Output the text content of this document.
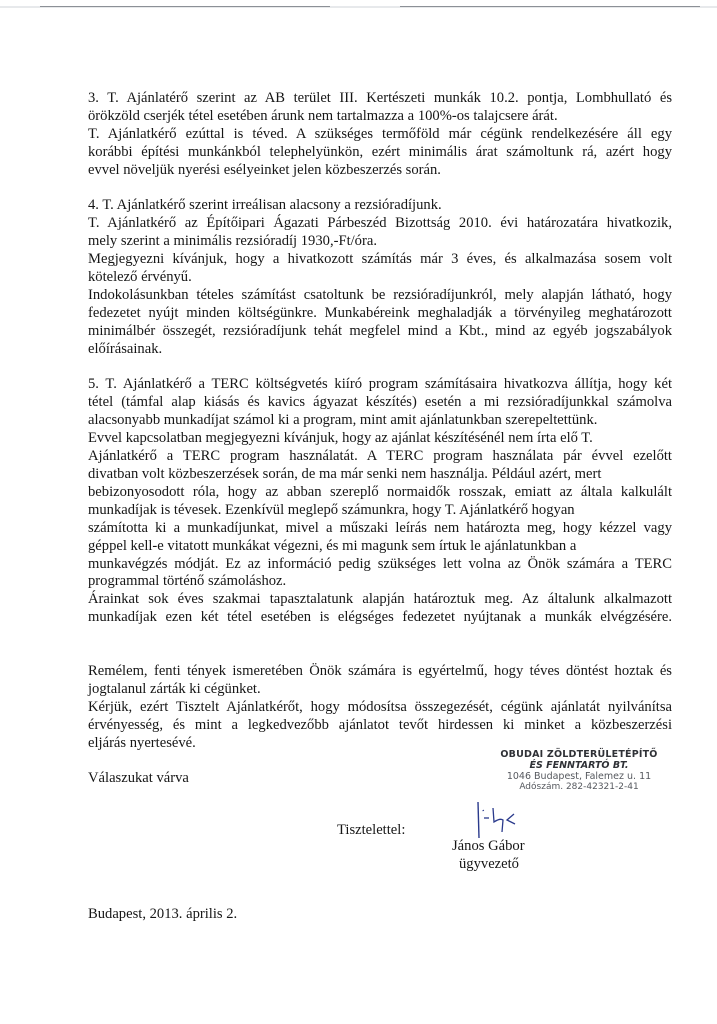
3. T. Ajánlatérő szerint az AB terület III. Kertészeti munkák 10.2. pontja, Lombhullató és
örökzöld cserjék tétel esetében árunk nem tartalmazza a 100%-os talajcsere árát.
T. Ajánlatkérő ezúttal is téved. A szükséges termőföld már cégünk rendelkezésére áll egy
korábbi építési munkánkból telephelyünkön, ezért minimális árat számoltunk rá, azért hogy
evvel növeljük nyerési esélyeinket jelen közbeszerzés során.
4. T. Ajánlatkérő szerint irreálisan alacsony a rezsióradíjunk.
T. Ajánlatkérő az Építőipari Ágazati Párbeszéd Bizottság 2010. évi határozatára hivatkozik,
mely szerint a minimális rezsióradíj 1930,-Ft/óra.
Megjegyezni kívánjuk, hogy a hivatkozott számítás már 3 éves, és alkalmazása sosem volt
kötelező érvényű.
Indokolásunkban tételes számítást csatoltunk be rezsióradíjunkról, mely alapján látható, hogy
fedezetet nyújt minden költségünkre. Munkabéreink meghaladják a törvényileg meghatározott
minimálbér összegét, rezsióradíjunk tehát megfelel mind a Kbt., mind az egyéb jogszabályok
előírásainak.
5. T. Ajánlatkérő a TERC költségvetés kiíró program számításaira hivatkozva állítja, hogy két
tétel (támfal alap kiásás és kavics ágyazat készítés) esetén a mi rezsióradíjunkkal számolva
alacsonyabb munkadíjat számol ki a program, mint amit ajánlatunkban szerepeltettünk.
Evvel kapcsolatban megjegyezni kívánjuk, hogy az ajánlat készítésénél nem írta elő T.
Ajánlatkérő a TERC program használatát. A TERC program használata pár évvel ezelőtt
divatban volt közbeszerzések során, de ma már senki nem használja. Például azért, mert
bebizonyosodott róla, hogy az abban szereplő normaidők rosszak, emiatt az általa kalkulált
munkadíjak is tévesek. Ezenkívül meglepő számunkra, hogy T. Ajánlatkérő hogyan
számította ki a munkadíjunkat, mivel a műszaki leírás nem határozta meg, hogy kézzel vagy
géppel kell-e vitatott munkákat végezni, és mi magunk sem írtuk le ajánlatunkban a
munkavégzés módját. Ez az információ pedig szükséges lett volna az Önök számára a TERC
programmal történő számoláshoz.
Árainkat sok éves szakmai tapasztalatunk alapján határoztuk meg. Az általunk alkalmazott
munkadíjak ezen két tétel esetében is elégséges fedezetet nyújtanak a munkák elvégzésére.
Remélem, fenti tények ismeretében Önök számára is egyértelmű, hogy téves döntést hoztak és
jogtalanul zárták ki cégünket.
Kérjük, ezért Tisztelt Ajánlatkérőt, hogy módosítsa összegezését, cégünk ajánlatát nyilvánítsa
érvényesség, és mint a legkedvezőbb ajánlatot tevőt hirdessen ki minket a közbeszerzési
eljárás nyertesévé.
OBUDAI ZÖLDTERÜLETÉPÍTŐ
ÉS FENNTARTÓ BT.
1046 Budapest, Falemez u. 11
Adószám. 282-42321-2-41
Válaszukat várva
Tisztelettel:
János Gábor
ügyvezető
Budapest, 2013. április 2.
